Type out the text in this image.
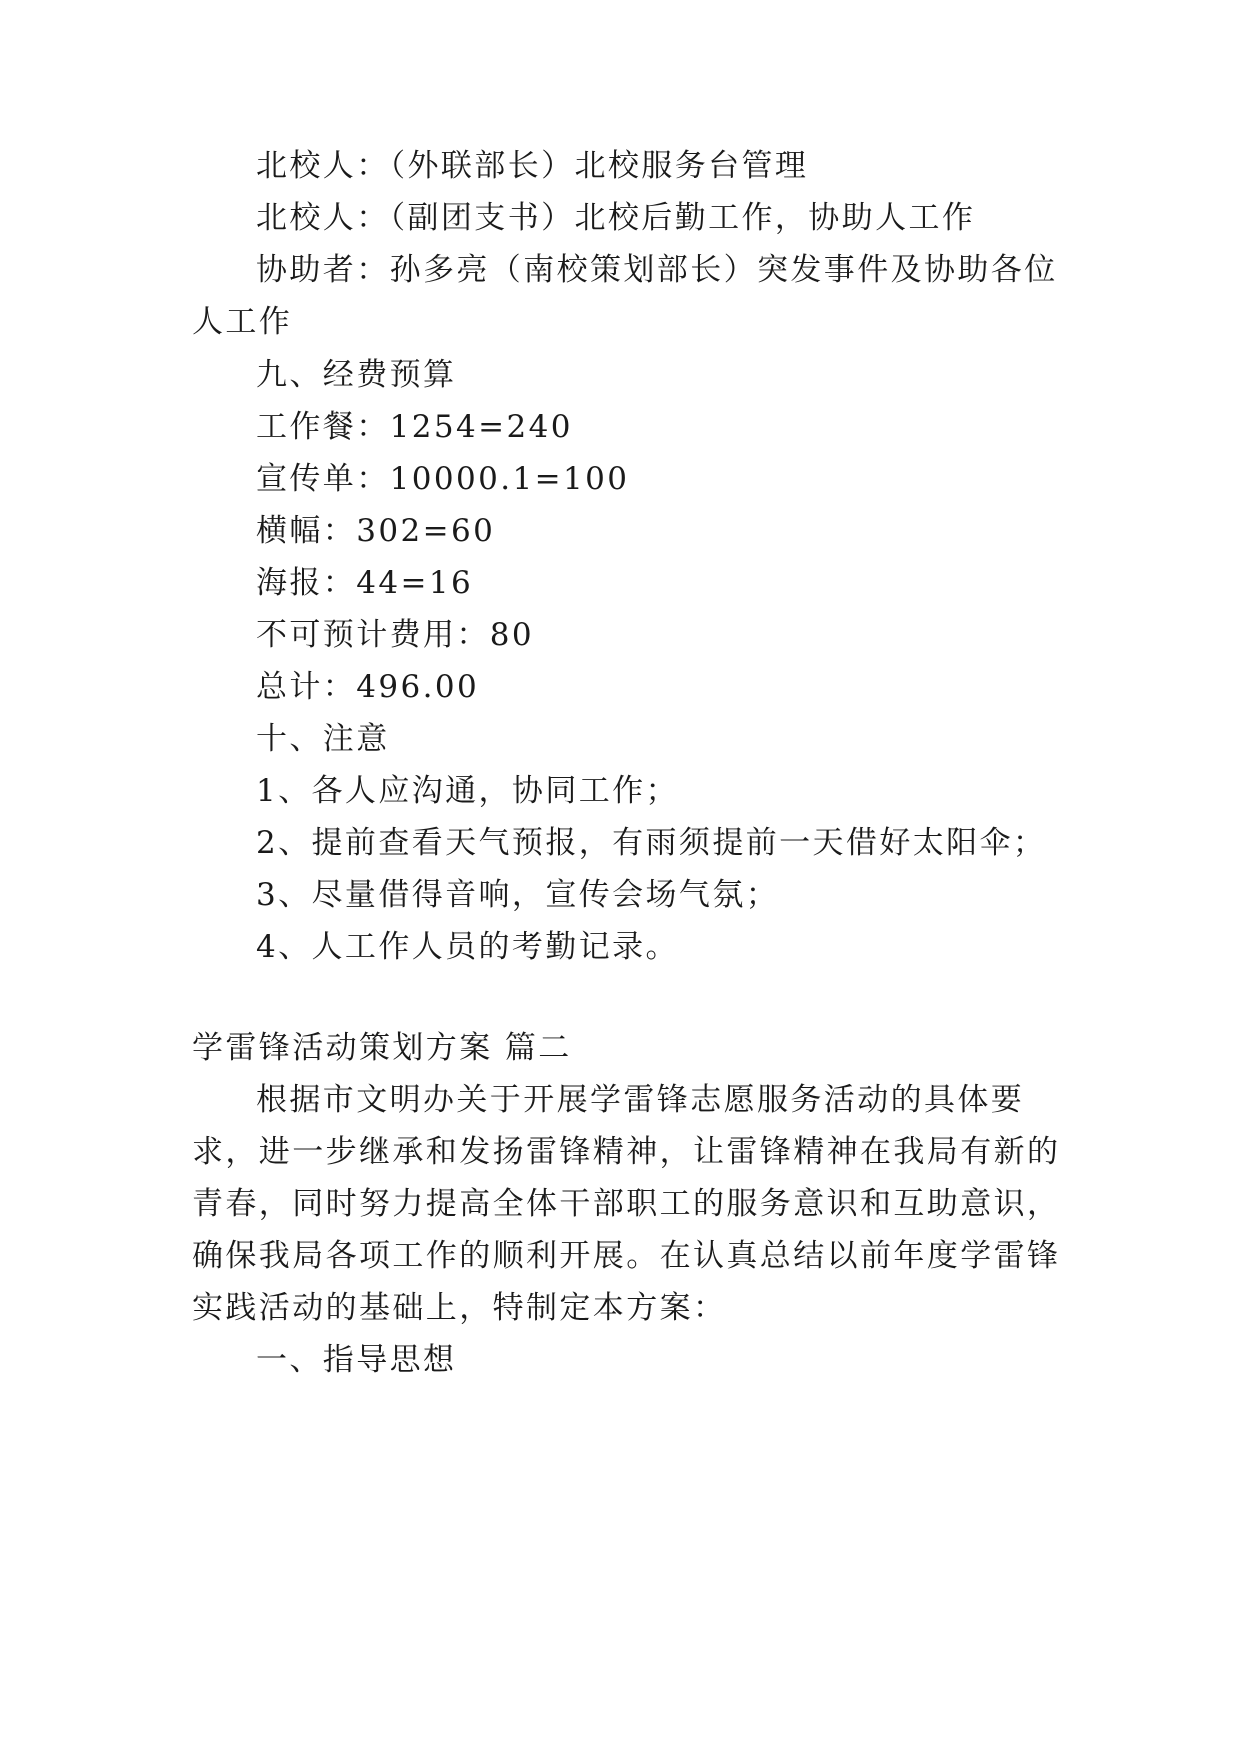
北校人：（外联部长）北校服务台管理
北校人：（副团支书）北校后勤工作，协助人工作
协助者：孙多亮（南校策划部长）突发事件及协助各位
人工作
九、经费预算
工作餐：1254=240
宣传单：10000.1=100
横幅：302=60
海报：44=16
不可预计费用：80
总计：496.00
十、注意
1、各人应沟通，协同工作；
2、提前查看天气预报，有雨须提前一天借好太阳伞；
3、尽量借得音响，宣传会场气氛；
4、人工作人员的考勤记录。
学雷锋活动策划方案 篇二
根据市文明办关于开展学雷锋志愿服务活动的具体要
求，进一步继承和发扬雷锋精神，让雷锋精神在我局有新的
青春，同时努力提高全体干部职工的服务意识和互助意识，
确保我局各项工作的顺利开展。在认真总结以前年度学雷锋
实践活动的基础上，特制定本方案：
一、指导思想
